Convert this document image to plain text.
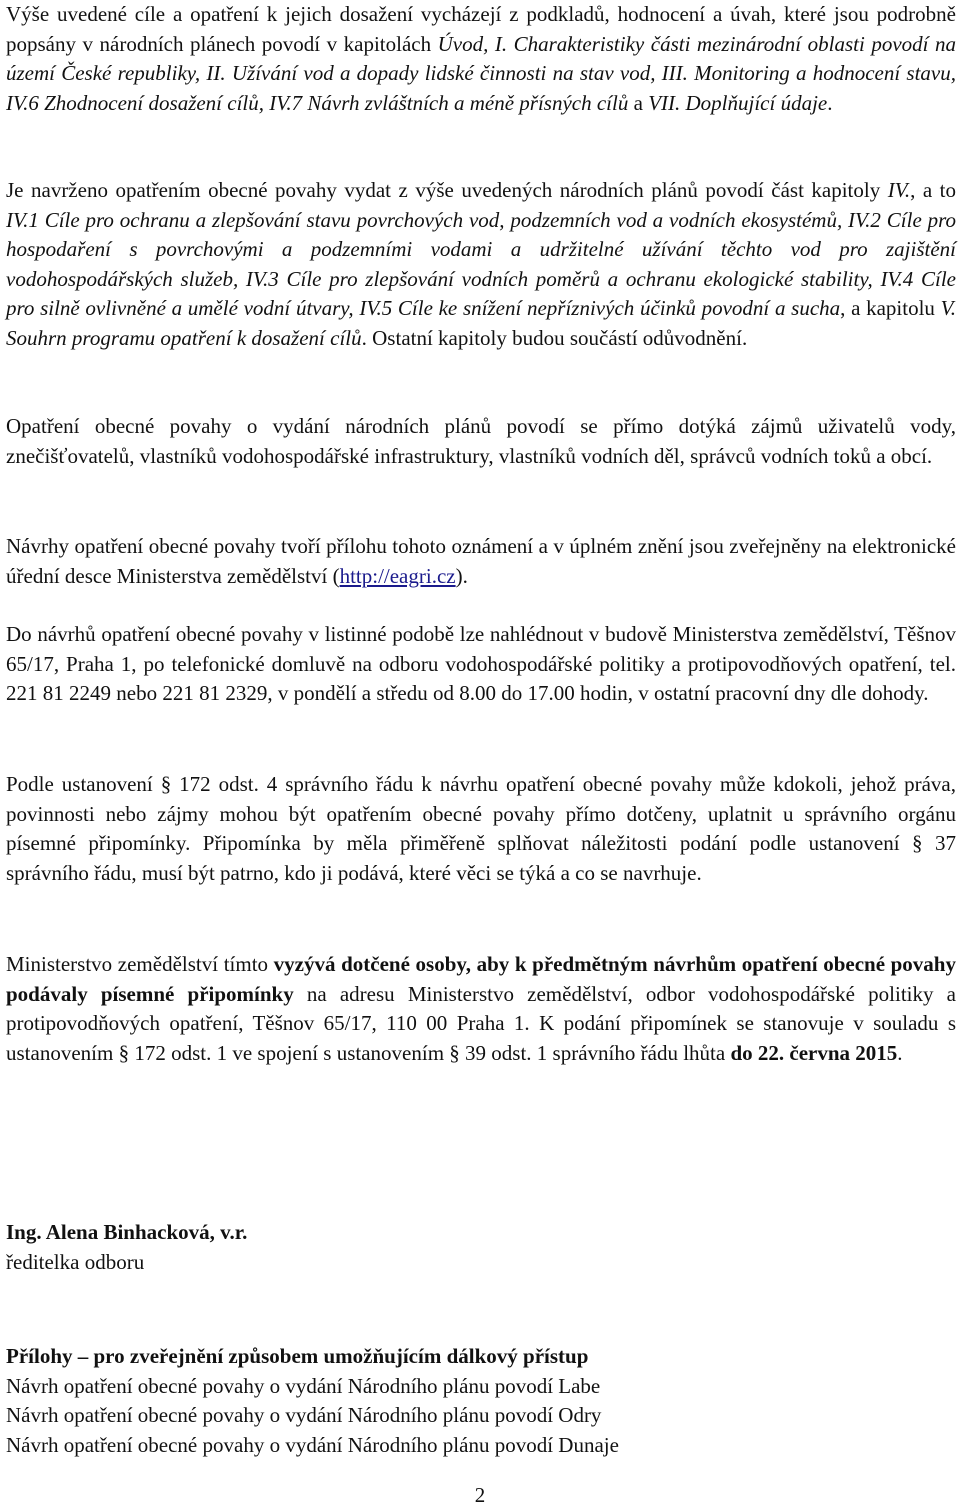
Výše uvedené cíle a opatření k jejich dosažení vycházejí z podkladů, hodnocení a úvah, které jsou podrobně popsány v národních plánech povodí v kapitolách Úvod, I. Charakteristiky části mezinárodní oblasti povodí na území České republiky, II. Užívání vod a dopady lidské činnosti na stav vod, III. Monitoring a hodnocení stavu, IV.6 Zhodnocení dosažení cílů, IV.7 Návrh zvláštních a méně přísných cílů a VII. Doplňující údaje.

Je navrženo opatřením obecné povahy vydat z výše uvedených národních plánů povodí část kapitoly IV., a to IV.1 Cíle pro ochranu a zlepšování stavu povrchových vod, podzemních vod a vodních ekosystémů, IV.2 Cíle pro hospodaření s povrchovými a podzemními vodami a udržitelné užívání těchto vod pro zajištění vodohospodářských služeb, IV.3 Cíle pro zlepšování vodních poměrů a ochranu ekologické stability, IV.4 Cíle pro silně ovlivněné a umělé vodní útvary, IV.5 Cíle ke snížení nepříznivých účinků povodní a sucha, a kapitolu V. Souhrn programu opatření k dosažení cílů. Ostatní kapitoly budou součástí odůvodnění.

Opatření obecné povahy o vydání národních plánů povodí se přímo dotýká zájmů uživatelů vody, znečišťovatelů, vlastníků vodohospodářské infrastruktury, vlastníků vodních děl, správců vodních toků a obcí.

Návrhy opatření obecné povahy tvoří přílohu tohoto oznámení a v úplném znění jsou zveřejněny na elektronické úřední desce Ministerstva zemědělství (http://eagri.cz).

Do návrhů opatření obecné povahy v listinné podobě lze nahlédnout v budově Ministerstva zemědělství, Těšnov 65/17, Praha 1, po telefonické domluvě na odboru vodohospodářské politiky a protipovodňových opatření, tel. 221 81 2249 nebo 221 81 2329, v pondělí a středu od 8.00 do 17.00 hodin, v ostatní pracovní dny dle dohody.

Podle ustanovení § 172 odst. 4 správního řádu k návrhu opatření obecné povahy může kdokoli, jehož práva, povinnosti nebo zájmy mohou být opatřením obecné povahy přímo dotčeny, uplatnit u správního orgánu písemné připomínky. Připomínka by měla přiměřeně splňovat náležitosti podání podle ustanovení § 37 správního řádu, musí být patrno, kdo ji podává, které věci se týká a co se navrhuje.

Ministerstvo zemědělství tímto vyzývá dotčené osoby, aby k předmětným návrhům opatření obecné povahy podávaly písemné připomínky na adresu Ministerstvo zemědělství, odbor vodohospodářské politiky a protipovodňových opatření, Těšnov 65/17, 110 00 Praha 1. K podání připomínek se stanovuje v souladu s ustanovením § 172 odst. 1 ve spojení s ustanovením § 39 odst. 1 správního řádu lhůta do 22. června 2015.

Ing. Alena Binhacková, v.r.
ředitelka odboru
Přílohy – pro zveřejnění způsobem umožňujícím dálkový přístup
Návrh opatření obecné povahy o vydání Národního plánu povodí Labe
Návrh opatření obecné povahy o vydání Národního plánu povodí Odry
Návrh opatření obecné povahy o vydání Národního plánu povodí Dunaje
2
